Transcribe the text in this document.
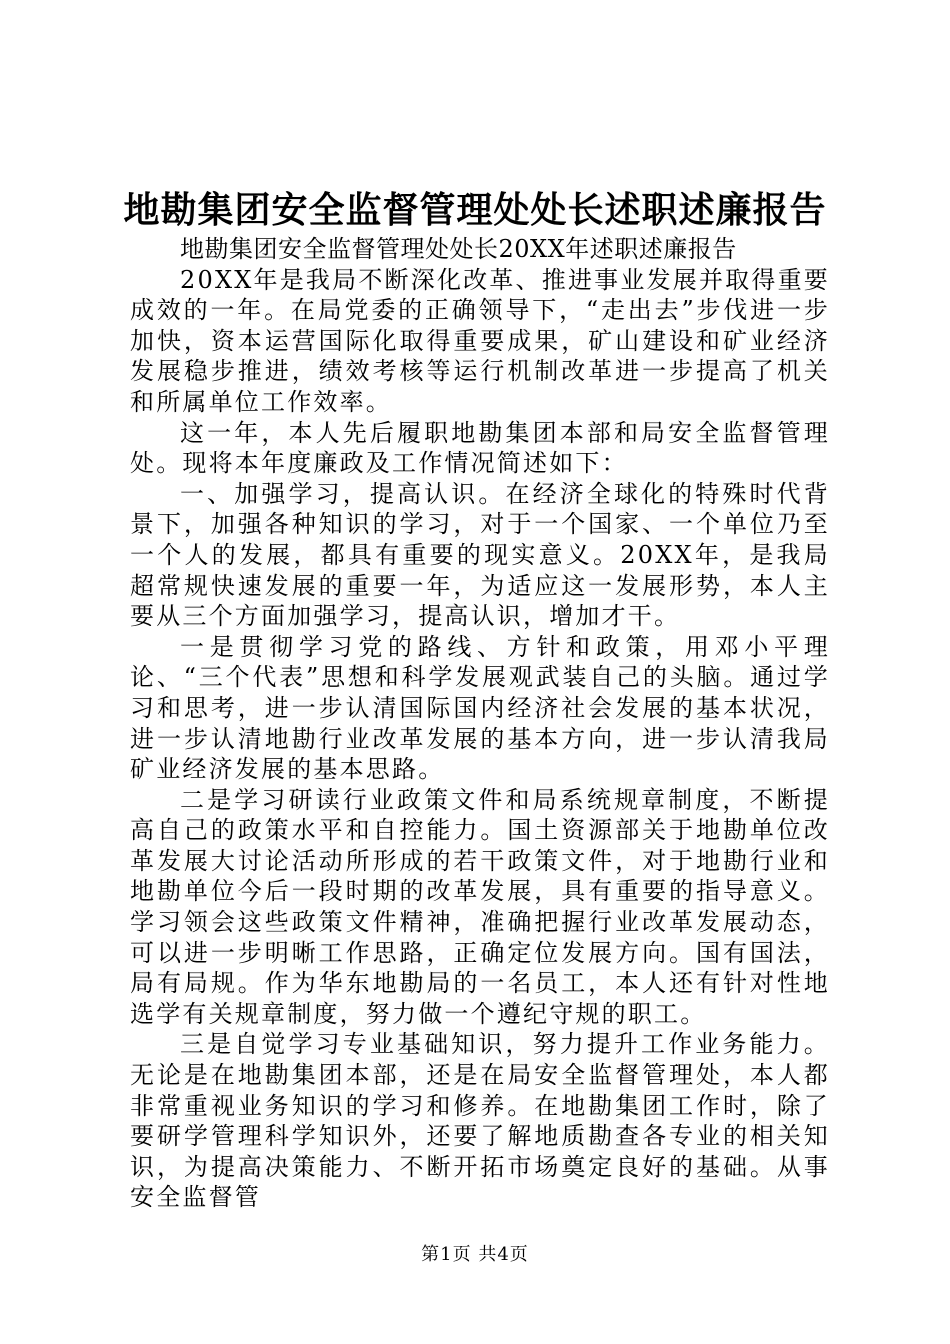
地勘集团安全监督管理处处长述职述廉报告

地勘集团安全监督管理处处长20XX年述职述廉报告

20XX年是我局不断深化改革、推进事业发展并取得重要成效的一年。在局党委的正确领导下，“走出去”步伐进一步加快，资本运营国际化取得重要成果，矿山建设和矿业经济发展稳步推进，绩效考核等运行机制改革进一步提高了机关和所属单位工作效率。

这一年，本人先后履职地勘集团本部和局安全监督管理处。现将本年度廉政及工作情况简述如下：

一、加强学习，提高认识。在经济全球化的特殊时代背景下，加强各种知识的学习，对于一个国家、一个单位乃至一个人的发展，都具有重要的现实意义。20XX年，是我局超常规快速发展的重要一年，为适应这一发展形势，本人主要从三个方面加强学习，提高认识，增加才干。

一是贯彻学习党的路线、方针和政策，用邓小平理论、“三个代表”思想和科学发展观武装自己的头脑。通过学习和思考，进一步认清国际国内经济社会发展的基本状况，进一步认清地勘行业改革发展的基本方向，进一步认清我局矿业经济发展的基本思路。

二是学习研读行业政策文件和局系统规章制度，不断提高自己的政策水平和自控能力。国土资源部关于地勘单位改革发展大讨论活动所形成的若干政策文件，对于地勘行业和地勘单位今后一段时期的改革发展，具有重要的指导意义。学习领会这些政策文件精神，准确把握行业改革发展动态，可以进一步明晰工作思路，正确定位发展方向。国有国法，局有局规。作为华东地勘局的一名员工，本人还有针对性地选学有关规章制度，努力做一个遵纪守规的职工。

三是自觉学习专业基础知识，努力提升工作业务能力。无论是在地勘集团本部，还是在局安全监督管理处，本人都非常重视业务知识的学习和修养。在地勘集团工作时，除了要研学管理科学知识外，还要了解地质勘查各专业的相关知识，为提高决策能力、不断开拓市场奠定良好的基础。从事安全监督管

第1页 共4页
